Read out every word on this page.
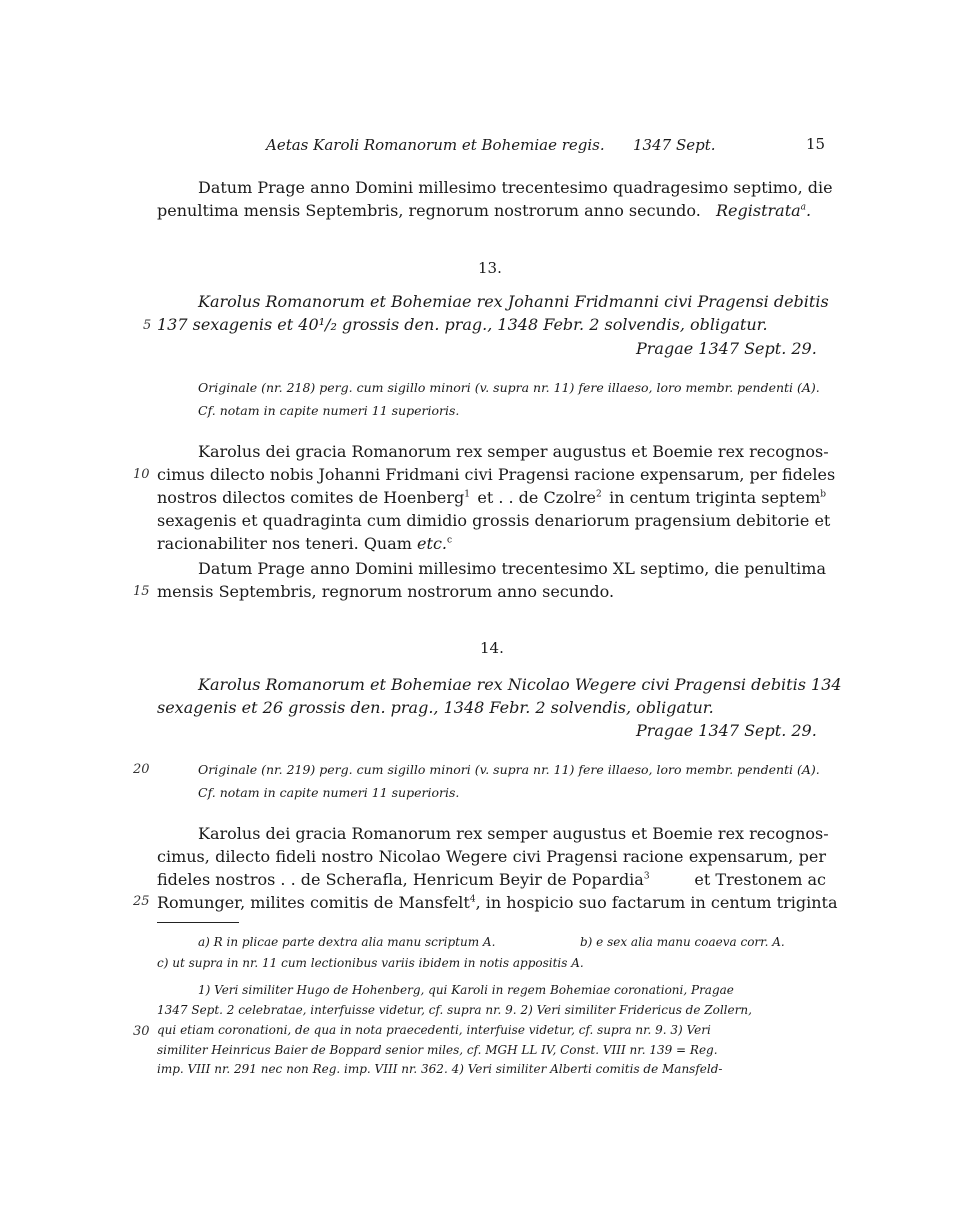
Aetas Karoli Romanorum et Bohemiae regis. 1347 Sept.	15
Datum Prage anno Domini millesimo trecentesimo quadragesimo septimo, die
penultima mensis Septembris, regnorum nostrorum anno secundo. Registrata$^a$.
13.
Karolus Romanorum et Bohemiae rex Johanni Fridmanni civi Pragensi debitis
137 sexagenis et 40¹/₂ grossis den. prag., 1348 Febr. 2 solvendis, obligatur.
Pragae 1347 Sept. 29.
Originale (nr. 218) perg. cum sigillo minori (v. supra nr. 11) fere illaeso, loro membr. pendenti (A).
Cf. notam in capite numeri 11 superioris.
Karolus dei gracia Romanorum rex semper augustus et Boemie rex recognos-
cimus dilecto nobis Johanni Fridmani civi Pragensi racione expensarum, per fideles
nostros dilectos comites de Hoenberg$^1$ et . . de Czolre$^2$ in centum triginta septem$^b$
sexagenis et quadraginta cum dimidio grossis denariorum pragensium debitorie et
racionabiliter nos teneri. Quam etc.$^c$
Datum Prage anno Domini millesimo trecentesimo XL septimo, die penultima
mensis Septembris, regnorum nostrorum anno secundo.
14.
Karolus Romanorum et Bohemiae rex Nicolao Wegere civi Pragensi debitis 134
sexagenis et 26 grossis den. prag., 1348 Febr. 2 solvendis, obligatur.
Pragae 1347 Sept. 29.
Originale (nr. 219) perg. cum sigillo minori (v. supra nr. 11) fere illaeso, loro membr. pendenti (A).
Cf. notam in capite numeri 11 superioris.
Karolus dei gracia Romanorum rex semper augustus et Boemie rex recognos-
cimus, dilecto fideli nostro Nicolao Wegere civi Pragensi racione expensarum, per
fideles nostros . . de Scherafla, Henricum Beyir de Popardia$^3$	et Trestonem ac
Romunger, milites comitis de Mansfelt$^4$, in hospicio suo factarum in centum triginta
a) R in plicae parte dextra alia manu scriptum A.	b) e sex alia manu coaeva corr. A.
c) ut supra in nr. 11 cum lectionibus variis ibidem in notis appositis A.
1) Veri similiter Hugo de Hohenberg, qui Karoli in regem Bohemiae coronationi, Pragae
1347 Sept. 2 celebratae, interfuisse videtur, cf. supra nr. 9. 2) Veri similiter Fridericus de Zollern,
qui etiam coronationi, de qua in nota praecedenti, interfuise videtur, cf. supra nr. 9. 3) Veri
similiter Heinricus Baier de Boppard senior miles, cf. MGH LL IV, Const. VIII nr. 139 = Reg.
imp. VIII nr. 291 nec non Reg. imp. VIII nr. 362. 4) Veri similiter Alberti comitis de Mansfeld-
5
10
15
20
25
30
